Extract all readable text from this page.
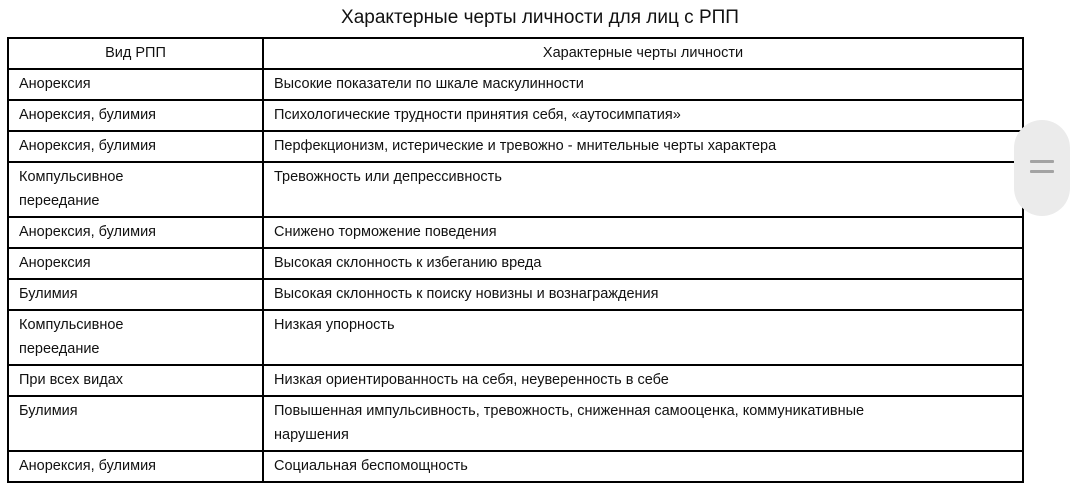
Характерные черты личности для лиц с РПП
Вид РПП	Характерные черты личности
Анорексия	Высокие показатели по шкале маскулинности
Анорексия, булимия	Психологические трудности принятия себя, «аутосимпатия»
Анорексия, булимия	Перфекционизм, истерические и тревожно - мнительные черты характера
Компульсивное переедание	Тревожность или депрессивность
Анорексия, булимия	Снижено торможение поведения
Анорексия	Высокая склонность к избеганию вреда
Булимия	Высокая склонность к поиску новизны и вознаграждения
Компульсивное переедание	Низкая упорность
При всех видах	Низкая ориентированность на себя, неуверенность в себе
Булимия	Повышенная импульсивность, тревожность, сниженная самооценка, коммуникативные нарушения
Анорексия, булимия	Социальная беспомощность
